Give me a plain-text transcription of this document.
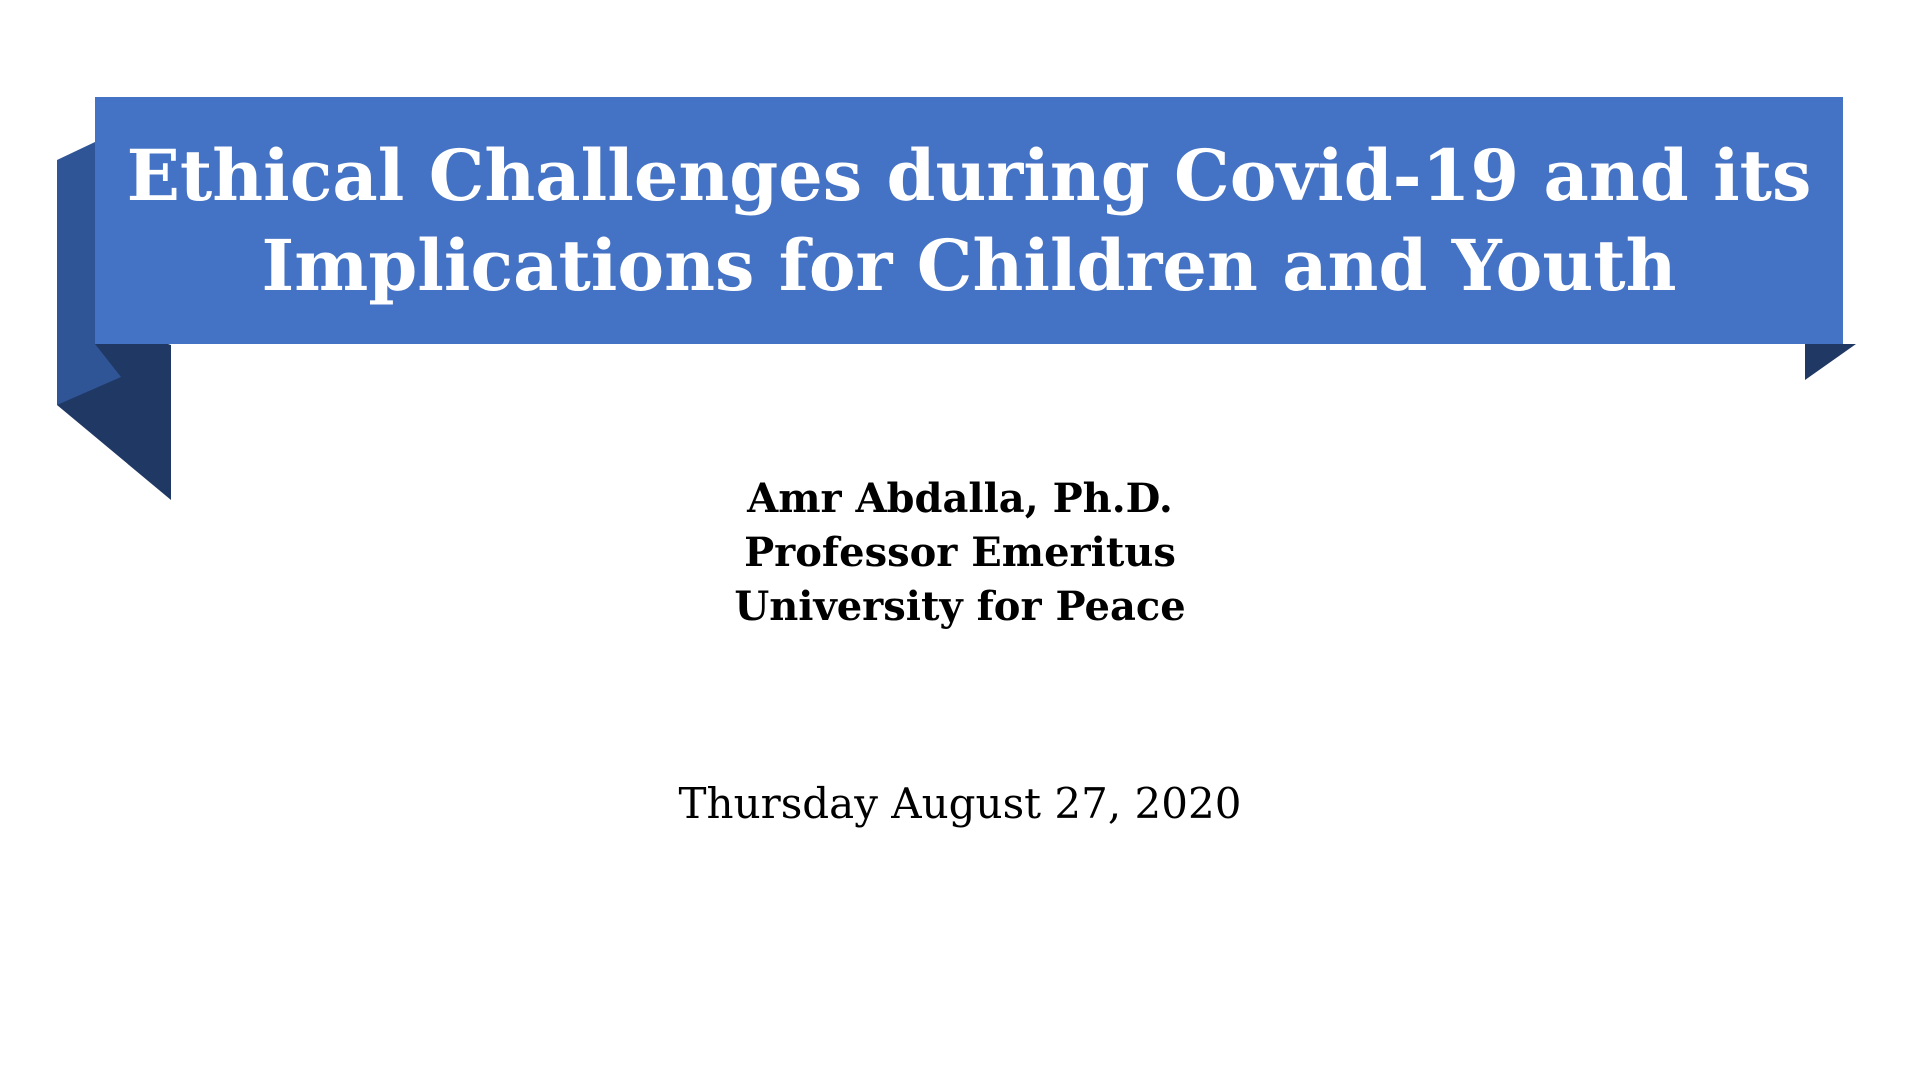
Ethical Challenges during Covid-19 and its
Implications for Children and Youth
Amr Abdalla, Ph.D.
Professor Emeritus
University for Peace
Thursday August 27, 2020
